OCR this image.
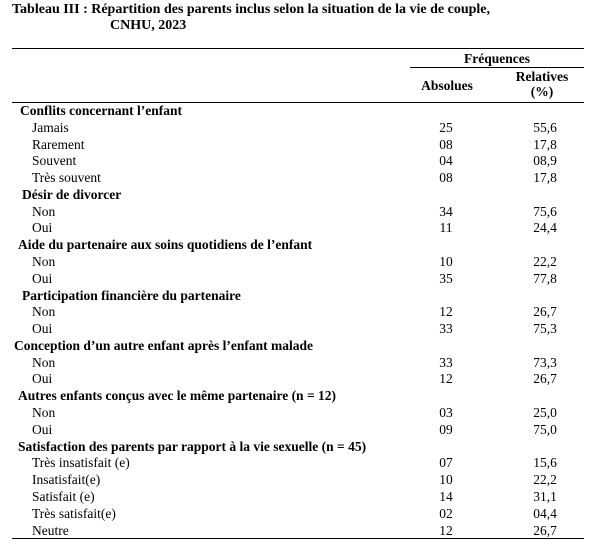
Tableau III : Répartition des parents inclus selon la situation de la vie de couple,
CNHU, 2023
Fréquences
Absolues
Relatives
(%)
Conflits concernant l’enfant
Jamais	25	55,6
Rarement	08	17,8
Souvent	04	08,9
Très souvent	08	17,8
Désir de divorcer
Non	34	75,6
Oui	11	24,4
Aide du partenaire aux soins quotidiens de l’enfant
Non	10	22,2
Oui	35	77,8
Participation financière du partenaire
Non	12	26,7
Oui	33	75,3
Conception d’un autre enfant après l’enfant malade
Non	33	73,3
Oui	12	26,7
Autres enfants conçus avec le même partenaire (n = 12)
Non	03	25,0
Oui	09	75,0
Satisfaction des parents par rapport à la vie sexuelle (n = 45)
Très insatisfait (e)	07	15,6
Insatisfait(e)	10	22,2
Satisfait (e)	14	31,1
Très satisfait(e)	02	04,4
Neutre	12	26,7
